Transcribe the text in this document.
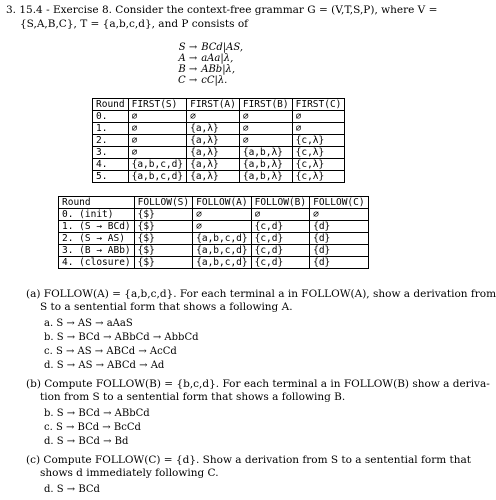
3. 15.4 - Exercise 8. Consider the context-free grammar G = (V,T,S,P), where V =
{S,A,B,C}, T = {a,b,c,d}, and P consists of
S →	BCd|AS,
A →	aAa|λ,
B →	ABb|λ,
C →	cC|λ.
Round	FIRST(S)	FIRST(A)	FIRST(B)	FIRST(C)
0.	∅	∅	∅	∅
1.	∅	{a,λ}	∅	∅
2.	∅	{a,λ}	∅	{c,λ}
3.	∅	{a,λ}	{a,b,λ}	{c,λ}
4.	{a,b,c,d}	{a,λ}	{a,b,λ}	{c,λ}
5.	{a,b,c,d}	{a,λ}	{a,b,λ}	{c,λ}
Round	FOLLOW(S)	FOLLOW(A)	FOLLOW(B)	FOLLOW(C)
0. (init)	{$}	∅	∅	∅
1. (S → BCd)	{$}	∅	{c,d}	{d}
2. (S → AS)	{$}	{a,b,c,d}	{c,d}	{d}
3. (B → ABb)	{$}	{a,b,c,d}	{c,d}	{d}
4. (closure)	{$}	{a,b,c,d}	{c,d}	{d}
(a) FOLLOW(A) = {a,b,c,d}. For each terminal a in FOLLOW(A), show a derivation from
S to a sentential form that shows a following A.
a. S → AS → aAaS
b. S → BCd → ABbCd → AbbCd
c. S → AS → ABCd → AcCd
d. S → AS → ABCd → Ad
(b) Compute FOLLOW(B) = {b,c,d}. For each terminal a in FOLLOW(B) show a deriva-
tion from S to a sentential form that shows a following B.
b. S → BCd → ABbCd
c. S → BCd → BcCd
d. S → BCd → Bd
(c) Compute FOLLOW(C) = {d}. Show a derivation from S to a sentential form that
shows d immediately following C.
d. S → BCd
